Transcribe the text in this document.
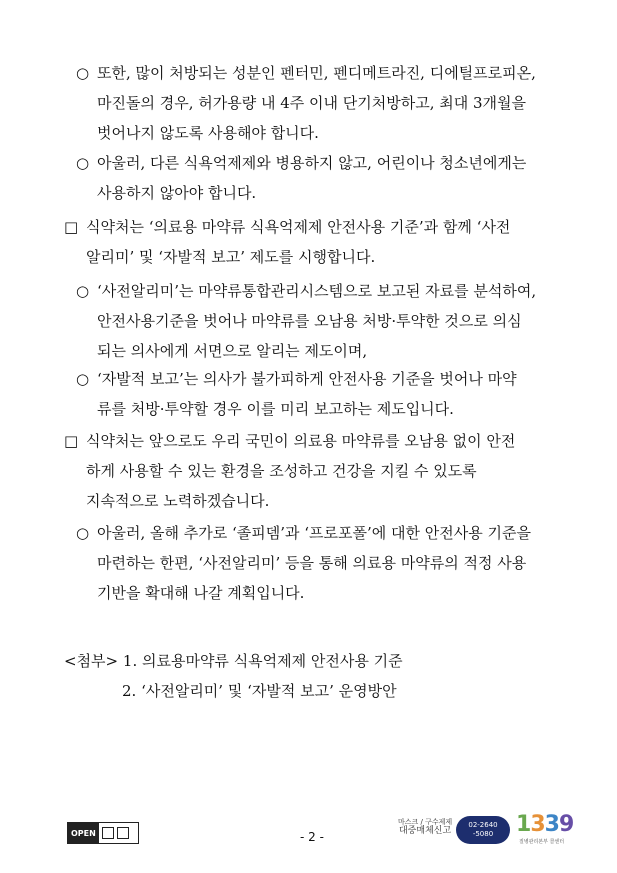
○ 또한, 많이 처방되는 성분인 펜터민, 펜디메트라진, 디에틸프로피온,
마진돌의 경우, 허가용량 내 4주 이내 단기처방하고, 최대 3개월을
벗어나지 않도록 사용해야 합니다.
○ 아울러, 다른 식욕억제제와 병용하지 않고, 어린이나 청소년에게는
사용하지 않아야 합니다.
□ 식약처는 ‘의료용 마약류 식욕억제제 안전사용 기준’과 함께 ‘사전
알리미’ 및 ‘자발적 보고’ 제도를 시행합니다.
○ ‘사전알리미’는 마약류통합관리시스템으로 보고된 자료를 분석하여,
안전사용기준을 벗어나 마약류를 오남용 처방·투약한 것으로 의심
되는 의사에게 서면으로 알리는 제도이며,
○ ‘자발적 보고’는 의사가 불가피하게 안전사용 기준을 벗어나 마약
류를 처방·투약할 경우 이를 미리 보고하는 제도입니다.
□ 식약처는 앞으로도 우리 국민이 의료용 마약류를 오남용 없이 안전
하게 사용할 수 있는 환경을 조성하고 건강을 지킬 수 있도록
지속적으로 노력하겠습니다.
○ 아울러, 올해 추가로 ‘졸피뎀’과 ‘프로포폴’에 대한 안전사용 기준을
마련하는 한편, ‘사전알리미’ 등을 통해 의료용 마약류의 적정 사용
기반을 확대해 나갈 계획입니다.
<첨부> 1. 의료용마약류 식욕억제제 안전사용 기준
2. ‘사전알리미’ 및 ‘자발적 보고’ 운영방안
OPEN	- 2 -
마스크 / 구수제제
대중매체신고
02-2640
-5080 1339
질병관리본부 콜센터
